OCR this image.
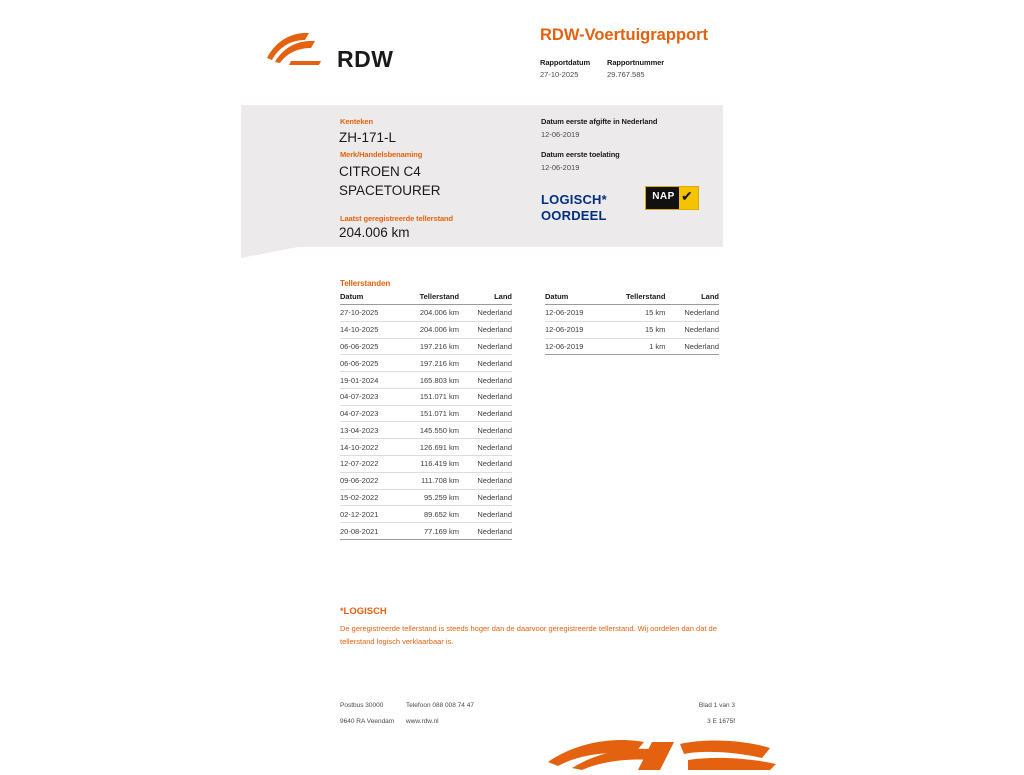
RDW
RDW-Voertuigrapport
Rapportdatum
27-10-2025
Rapportnummer
29.767.585
Kenteken
ZH-171-L
Merk/Handelsbenaming
CITROEN C4
SPACETOURER
Laatst geregistreerde tellerstand
204.006 km
Datum eerste afgifte in Nederland
12-06-2019
Datum eerste toelating
12-06-2019
LOGISCH*
OORDEEL
NAP ✔
Tellerstanden
Datum	Tellerstand	Land
27-10-2025	204.006 km	Nederland
14-10-2025	204.006 km	Nederland
06-06-2025	197.216 km	Nederland
06-06-2025	197.216 km	Nederland
19-01-2024	165.803 km	Nederland
04-07-2023	151.071 km	Nederland
04-07-2023	151.071 km	Nederland
13-04-2023	145.550 km	Nederland
14-10-2022	126.691 km	Nederland
12-07-2022	116.419 km	Nederland
09-06-2022	111.708 km	Nederland
15-02-2022	95.259 km	Nederland
02-12-2021	89.652 km	Nederland
20-08-2021	77.169 km	Nederland
Datum	Tellerstand	Land
12-06-2019	15 km	Nederland
12-06-2019	15 km	Nederland
12-06-2019	1 km	Nederland
*LOGISCH
De geregistreerde tellerstand is steeds hoger dan de daarvoor geregistreerde tellerstand. Wij oordelen dan dat de tellerstand logisch verklaarbaar is.
Postbus 30000
9640 RA Veendam
Telefoon 088 008 74 47
www.rdw.nl
Blad 1 van 3
3 E 1675f
